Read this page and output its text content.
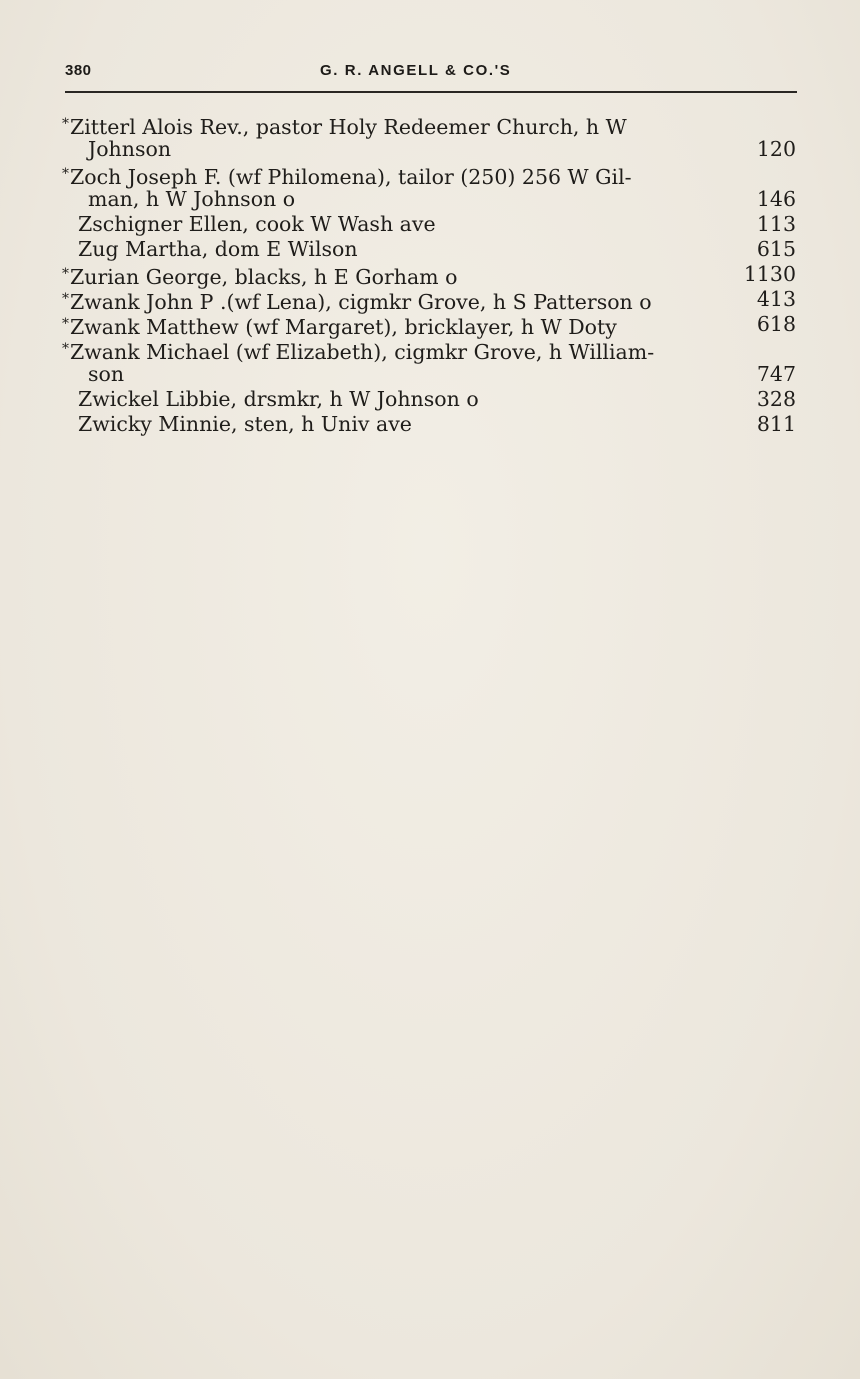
380	G. R. ANGELL & CO.'S
*Zitterl Alois Rev., pastor Holy Redeemer Church, h W
Johnson	120
*Zoch Joseph F. (wf Philomena), tailor (250) 256 W Gil-
man, h W Johnson o	146
Zschigner Ellen, cook W Wash ave	113
Zug Martha, dom E Wilson	615
*Zurian George, blacks, h E Gorham o	1130
*Zwank John P .(wf Lena), cigmkr Grove, h S Patterson o	413
*Zwank Matthew (wf Margaret), bricklayer, h W Doty	618
*Zwank Michael (wf Elizabeth), cigmkr Grove, h William-
son	747
Zwickel Libbie, drsmkr, h W Johnson o	328
Zwicky Minnie, sten, h Univ ave	811
